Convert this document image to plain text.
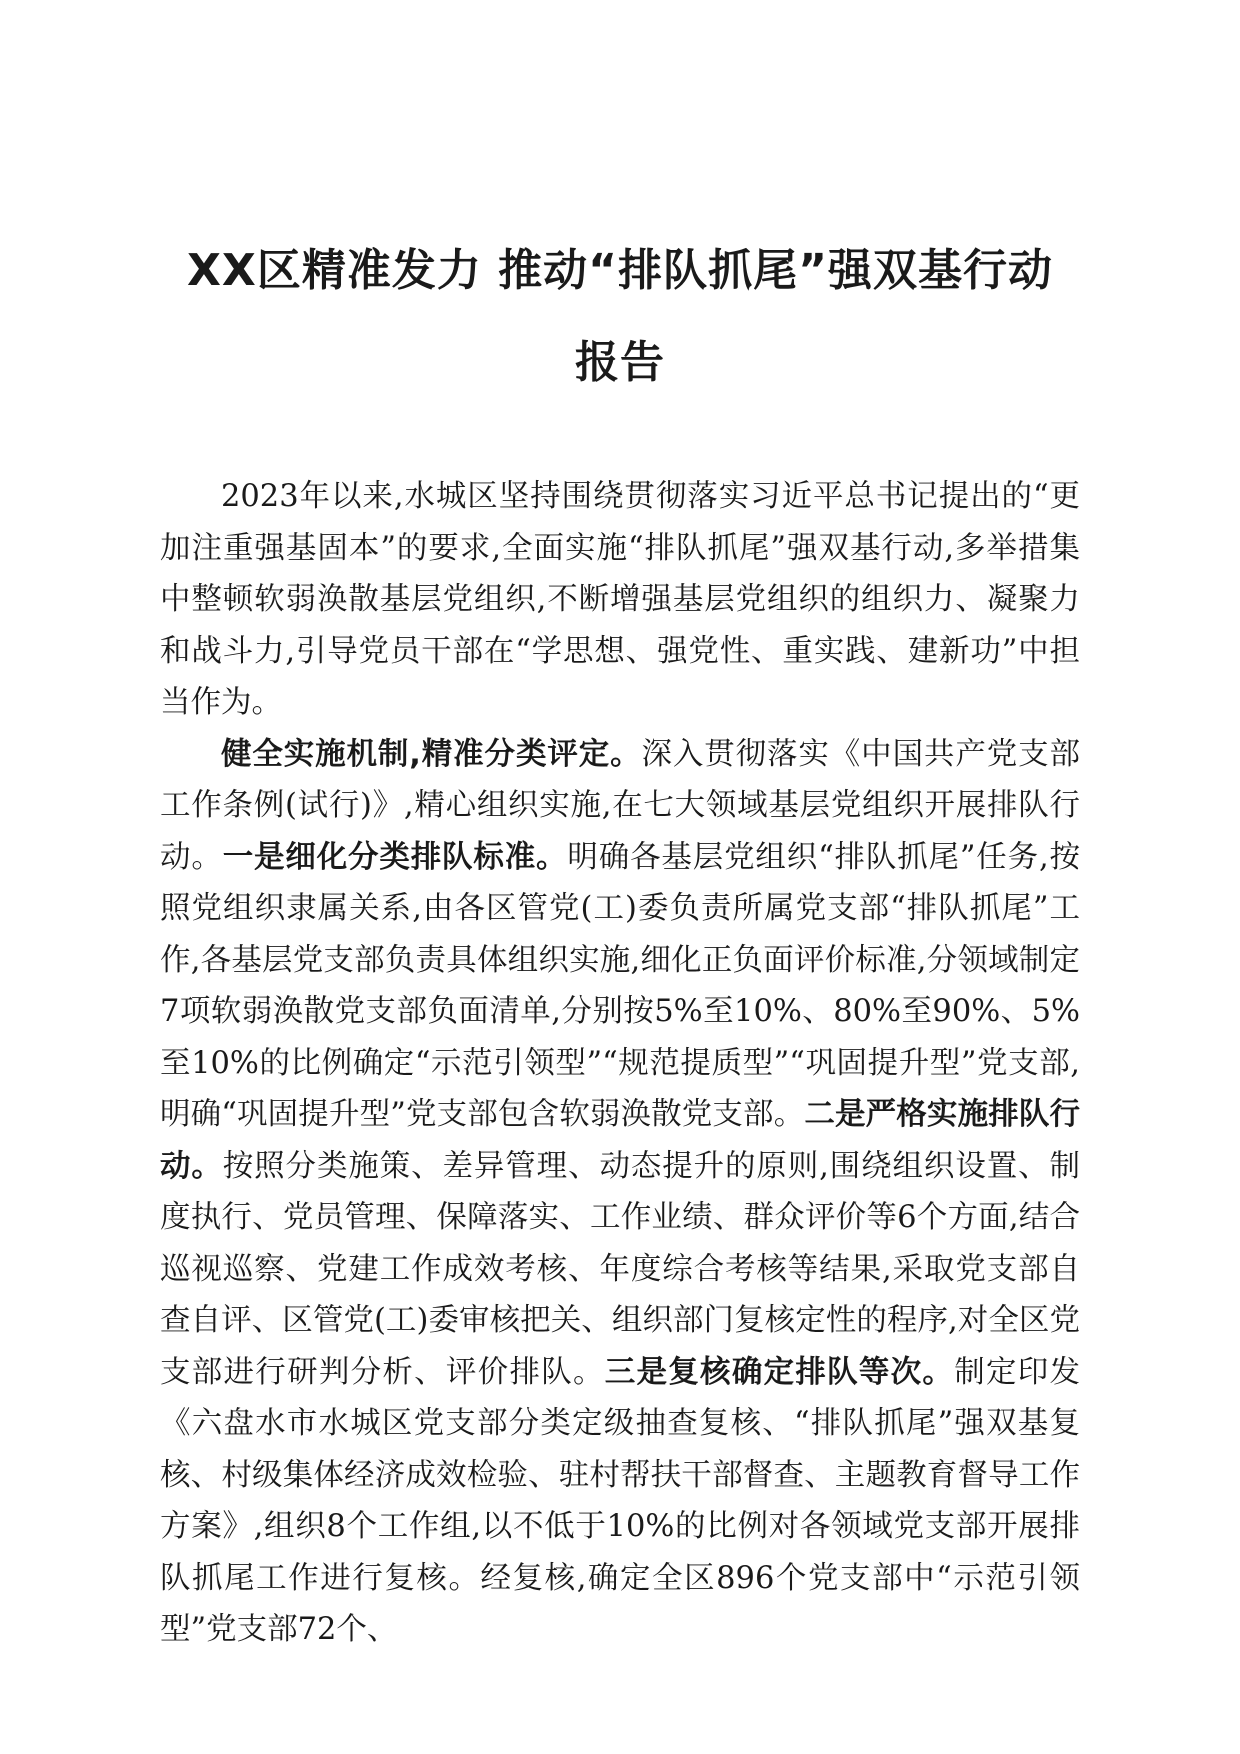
XX区精准发力 推动“排队抓尾”强双基行动
报告

2023年以来,水城区坚持围绕贯彻落实习近平总书记提出的“更加注重强基固本”的要求,全面实施“排队抓尾”强双基行动,多举措集中整顿软弱涣散基层党组织,不断增强基层党组织的组织力、凝聚力和战斗力,引导党员干部在“学思想、强党性、重实践、建新功”中担当作为。

健全实施机制,精准分类评定。深入贯彻落实《中国共产党支部工作条例(试行)》,精心组织实施,在七大领域基层党组织开展排队行动。一是细化分类排队标准。明确各基层党组织“排队抓尾”任务,按照党组织隶属关系,由各区管党(工)委负责所属党支部“排队抓尾”工作,各基层党支部负责具体组织实施,细化正负面评价标准,分领域制定7项软弱涣散党支部负面清单,分别按5%至10%、80%至90%、5%至10%的比例确定“示范引领型”“规范提质型”“巩固提升型”党支部,明确“巩固提升型”党支部包含软弱涣散党支部。二是严格实施排队行动。按照分类施策、差异管理、动态提升的原则,围绕组织设置、制度执行、党员管理、保障落实、工作业绩、群众评价等6个方面,结合巡视巡察、党建工作成效考核、年度综合考核等结果,采取党支部自查自评、区管党(工)委审核把关、组织部门复核定性的程序,对全区党支部进行研判分析、评价排队。三是复核确定排队等次。制定印发《六盘水市水城区党支部分类定级抽查复核、“排队抓尾”强双基复核、村级集体经济成效检验、驻村帮扶干部督查、主题教育督导工作方案》,组织8个工作组,以不低于10%的比例对各领域党支部开展排队抓尾工作进行复核。经复核,确定全区896个党支部中“示范引领型”党支部72个、
